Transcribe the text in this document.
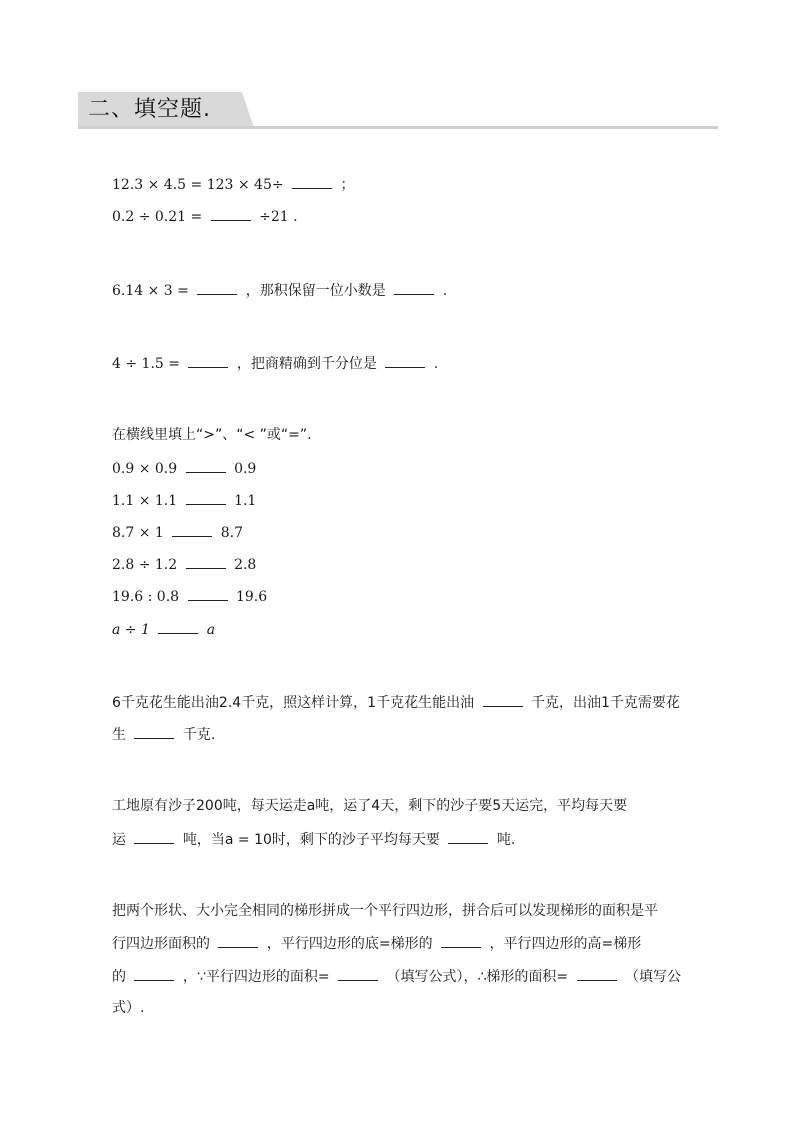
二、填空题.
12.3 × 4.5 = 123 × 45÷	；
0.2 ÷ 0.21 =	÷21 .
6.14 × 3 =	，那积保留一位小数是	.
4 ÷ 1.5 =	，把商精确到千分位是	.
在横线里填上“>”、“< ”或“=”.
0.9 × 0.9	0.9
1.1 × 1.1	1.1
8.7 × 1	8.7
2.8 ÷ 1.2	2.8
19.6 : 0.8	19.6
a ÷ 1	a
6千克花生能出油2.4千克，照这样计算，1千克花生能出油	千克，出油1千克需要花
生	千克.
工地原有沙子200吨，每天运走a吨，运了4天，剩下的沙子要5天运完，平均每天要
运	吨，当a = 10时，剩下的沙子平均每天要	吨.
把两个形状、大小完全相同的梯形拼成一个平行四边形，拼合后可以发现梯形的面积是平
行四边形面积的	，平行四边形的底=梯形的	，平行四边形的高=梯形
的	，∵平行四边形的面积=	（填写公式），∴梯形的面积=	（填写公
式）.
